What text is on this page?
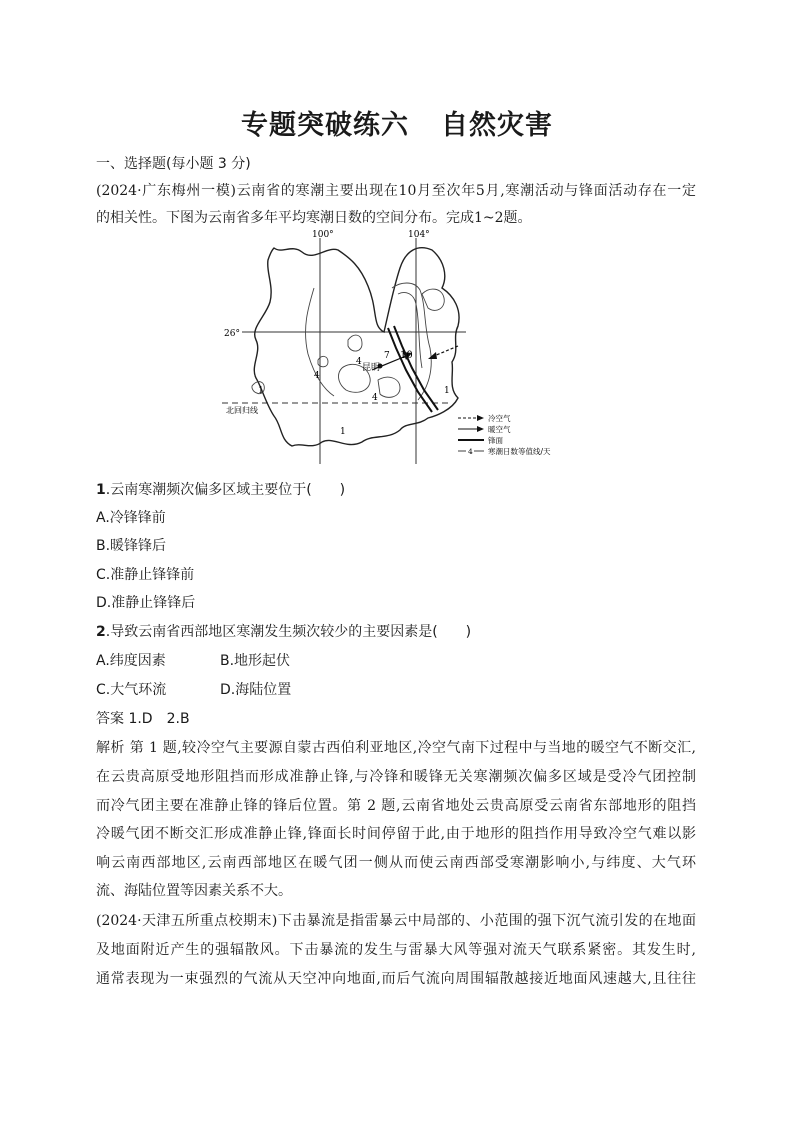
专题突破练六 自然灾害
一、选择题(每小题 3 分)
(2024·广东梅州一模)云南省的寒潮主要出现在10月至次年5月,寒潮活动与锋面活动存在一定
的相关性。下图为云南省多年平均寒潮日数的空间分布。完成1~2题。
100°	104°
26°
北回归线
昆明
4
4
7 10
1
1
4
1
冷空气
暖空气
锋面
4 寒潮日数等值线/天
1.云南寒潮频次偏多区域主要位于(　　)
A.冷锋锋前
B.暖锋锋后
C.准静止锋锋前
D.准静止锋锋后
2.导致云南省西部地区寒潮发生频次较少的主要因素是(　　)
A.纬度因素	B.地形起伏
C.大气环流	D.海陆位置
答案 1.D　2.B
解析 第 1 题,较冷空气主要源自蒙古西伯利亚地区,冷空气南下过程中与当地的暖空气不断交汇,
在云贵高原受地形阻挡而形成准静止锋,与冷锋和暖锋无关寒潮频次偏多区域是受冷气团控制
而冷气团主要在准静止锋的锋后位置。第 2 题,云南省地处云贵高原受云南省东部地形的阻挡
冷暖气团不断交汇形成准静止锋,锋面长时间停留于此,由于地形的阻挡作用导致冷空气难以影
响云南西部地区,云南西部地区在暖气团一侧从而使云南西部受寒潮影响小,与纬度、大气环
流、海陆位置等因素关系不大。
(2024·天津五所重点校期末)下击暴流是指雷暴云中局部的、小范围的强下沉气流引发的在地面
及地面附近产生的强辐散风。下击暴流的发生与雷暴大风等强对流天气联系紧密。其发生时,
通常表现为一束强烈的气流从天空冲向地面,而后气流向周围辐散越接近地面风速越大,且往往
